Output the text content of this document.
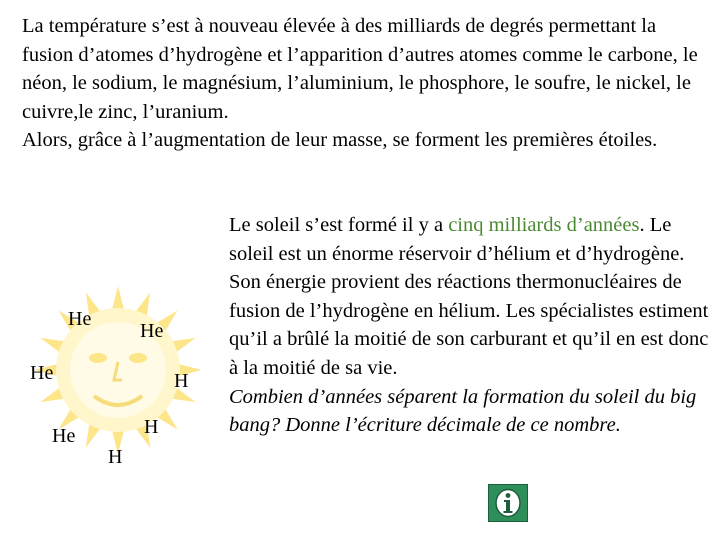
La température s’est à nouveau élevée à des milliards de degrés permettant la fusion d’atomes d’hydrogène et l’apparition d’autres atomes comme le carbone, le néon, le sodium, le magnésium, l’aluminium, le phosphore, le soufre, le nickel, le cuivre,le zinc, l’uranium.

Alors, grâce à l’augmentation de leur masse, se forment les premières étoiles.

He
He
He	H
H
He
H

Le soleil s’est formé il y a cinq milliards d’années. Le soleil est un énorme réservoir d’hélium et d’hydrogène. Son énergie provient des réactions thermonucléaires de fusion de l’hydrogène en hélium. Les spécialistes estiment qu’il a brûlé la moitié de son carburant et qu’il en est donc à la moitié de sa vie.

Combien d’années séparent la formation du soleil du big bang? Donne l’écriture décimale de ce nombre.
